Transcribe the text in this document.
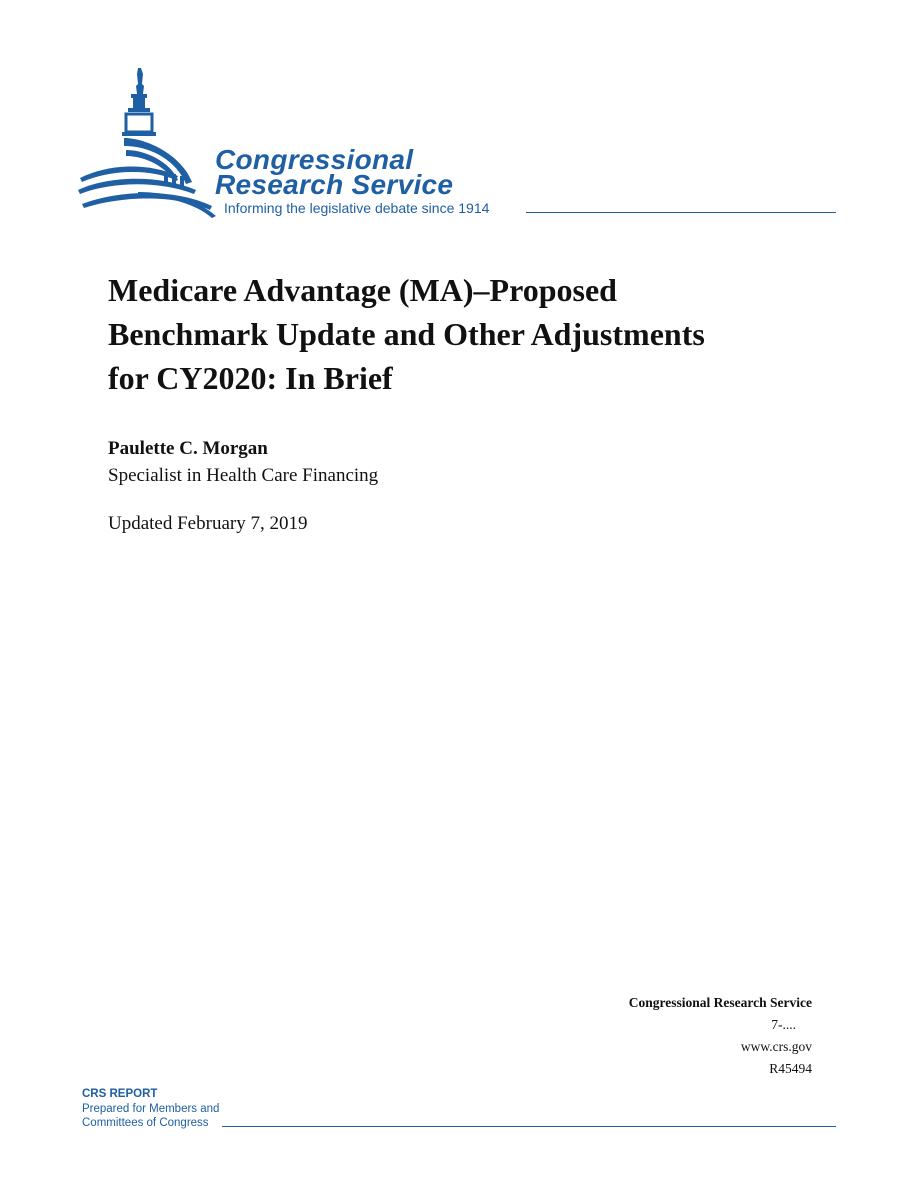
Congressional
Research Service
Informing the legislative debate since 1914
Medicare Advantage (MA)–Proposed
Benchmark Update and Other Adjustments
for CY2020: In Brief
Paulette C. Morgan
Specialist in Health Care Financing
Updated February 7, 2019
Congressional Research Service
7-....
www.crs.gov
R45494
CRS REPORT
Prepared for Members and
Committees of Congress
